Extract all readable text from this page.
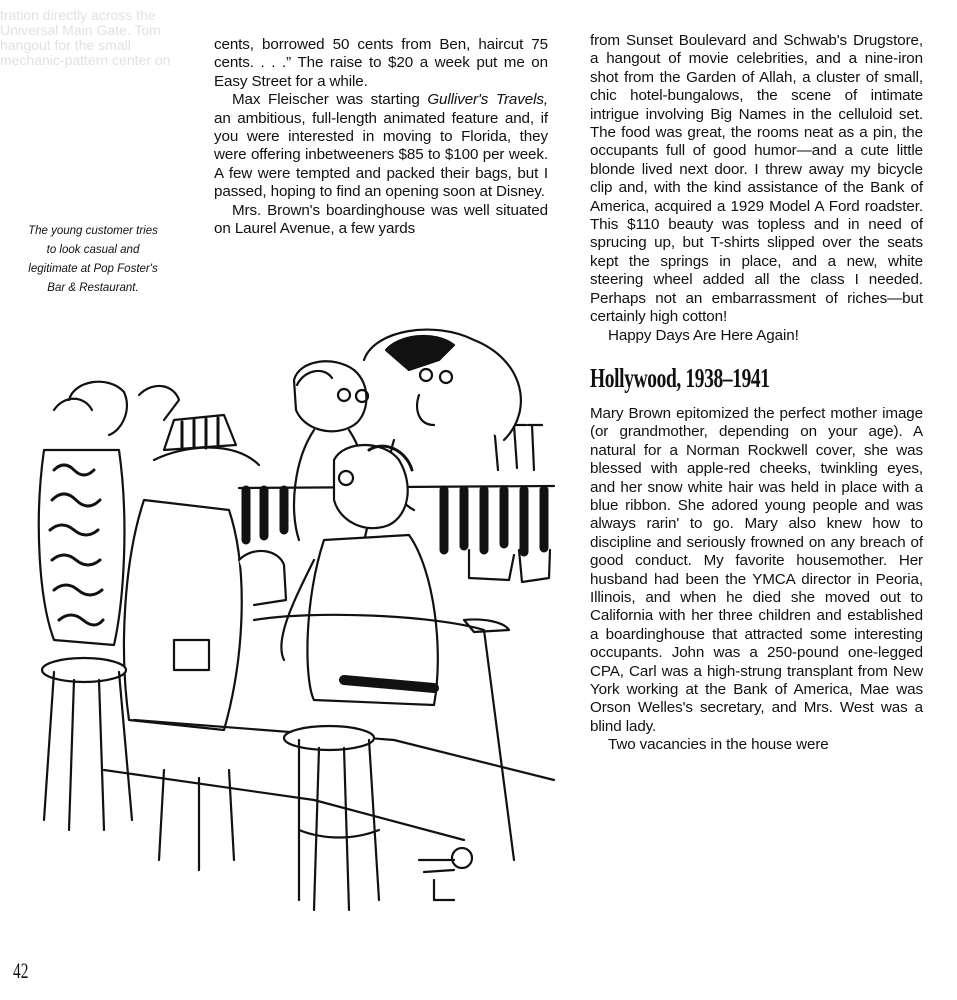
tration directly across the
Universal Main Gate. Tom
hangout for the small
mechanic-pattern center on
The young customer tries
to look casual and
legitimate at Pop Foster's
Bar & Restaurant.

cents, borrowed 50 cents from Ben, haircut 75 cents. . . .” The raise to $20 a week put me on Easy Street for a while.

Max Fleischer was starting Gulliver's Travels, an ambitious, full-length animated feature and, if you were interested in moving to Florida, they were offering inbetweeners $85 to $100 per week. A few were tempted and packed their bags, but I passed, hoping to find an opening soon at Disney.

Mrs. Brown's boardinghouse was well situated on Laurel Avenue, a few yards

from Sunset Boulevard and Schwab's Drugstore, a hangout of movie celebrities, and a nine-iron shot from the Garden of Allah, a cluster of small, chic hotel-bungalows, the scene of intimate intrigue involving Big Names in the celluloid set. The food was great, the rooms neat as a pin, the occupants full of good humor—and a cute little blonde lived next door. I threw away my bicycle clip and, with the kind assistance of the Bank of America, acquired a 1929 Model A Ford roadster. This $110 beauty was topless and in need of sprucing up, but T-shirts slipped over the seats kept the springs in place, and a new, white steering wheel added all the class I needed. Perhaps not an embarrassment of riches—but certainly high cotton!

Happy Days Are Here Again!

Hollywood, 1938–1941

Mary Brown epitomized the perfect mother image (or grandmother, depending on your age). A natural for a Norman Rockwell cover, she was blessed with apple-red cheeks, twinkling eyes, and her snow white hair was held in place with a blue ribbon. She adored young people and was always rarin' to go. Mary also knew how to discipline and seriously frowned on any breach of good conduct. My favorite housemother. Her husband had been the YMCA director in Peoria, Illinois, and when he died she moved out to California with her three children and established a boardinghouse that attracted some interesting occupants. John was a 250-pound one-legged CPA, Carl was a high-strung transplant from New York working at the Bank of America, Mae was Orson Welles's secretary, and Mrs. West was a blind lady.

Two vacancies in the house were

42
